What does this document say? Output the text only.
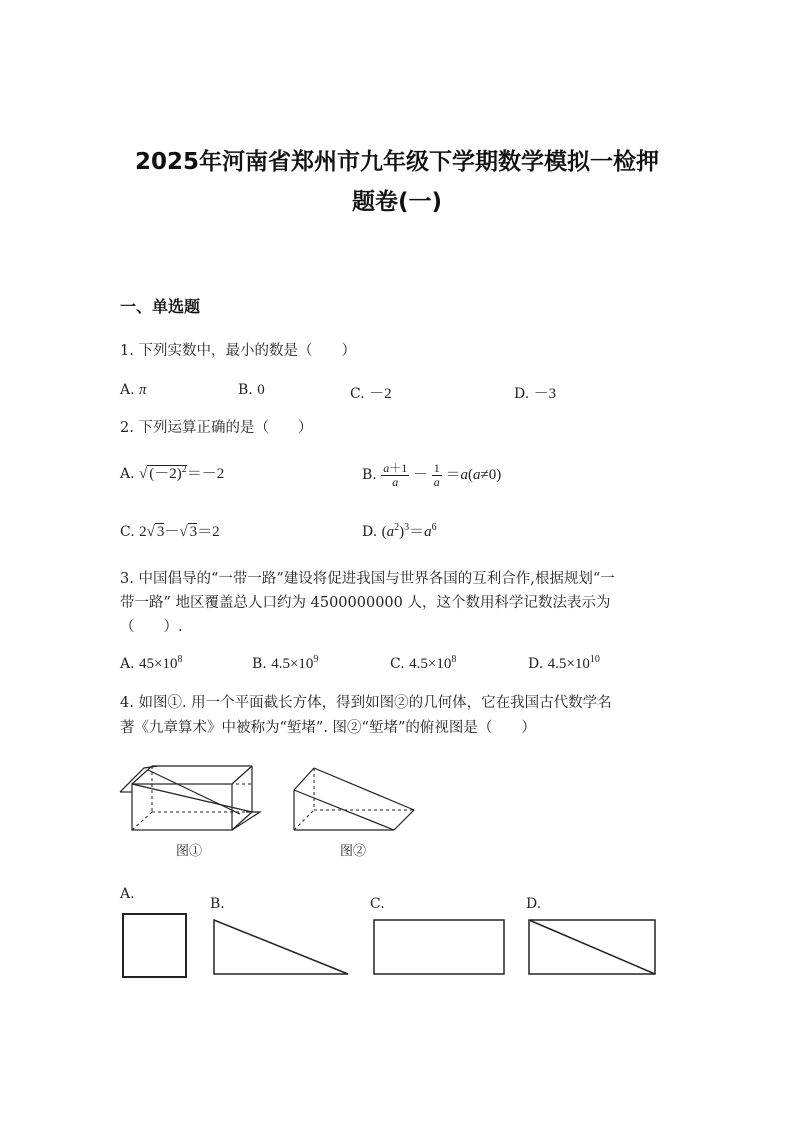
2025年河南省郑州市九年级下学期数学模拟一检押
题卷(一)
一、单选题
1. 下列实数中，最小的数是（　　）
A. π	B. 0	C. －2	D. －3
2. 下列运算正确的是（　　）
A. √ $(-2)^2=-2$	B. $\frac{a+1}{a} - \frac{1}{a} =a(a\ne 0)$
C. 2√ 3－√ 3＝2	D. $(a^2)^3=a^6$
3. 中国倡导的“一带一路”建设将促进我国与世界各国的互利合作,根据规划“一
带一路” 地区覆盖总人口约为 4500000000 人，这个数用科学记数法表示为
（　　）.
A. $45\times 10^8$	B. $4.5\times 10^9$	C. $4.5\times 10^8$	D. $4.5\times 10^{10}$
4. 如图①. 用一个平面截长方体，得到如图②的几何体，它在我国古代数学名
著《九章算术》中被称为“堑堵”. 图②“堑堵”的俯视图是（　　）
图①	图②
A.
B.	C.	D.
